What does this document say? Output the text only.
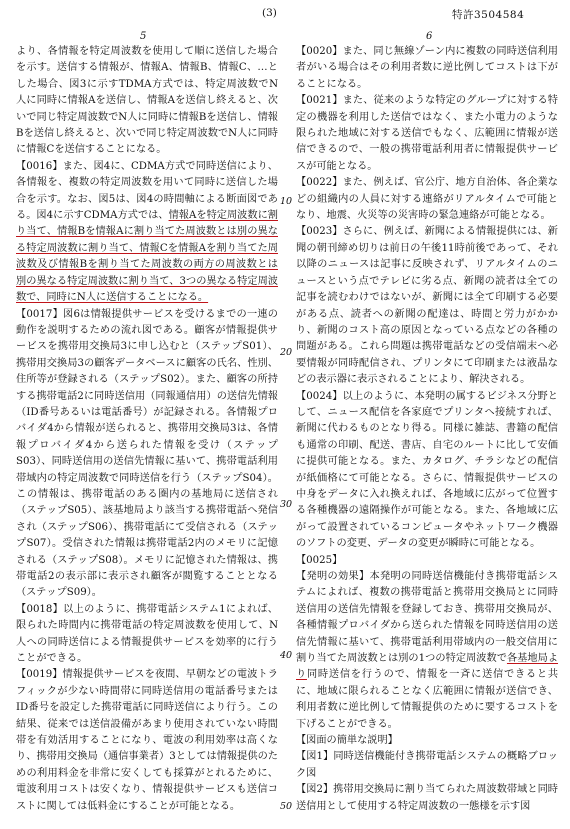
(3)	特許3504584
5	6

より、各情報を特定周波数を使用して順に送信した場合を示す。送信する情報が、情報A、情報B、情報C、…とした場合、図3に示すTDMA方式では、特定周波数でN人に同時に情報Aを送信し、情報Aを送信し終えると、次いで同じ特定周波数でN人に同時に情報Bを送信し、情報Bを送信し終えると、次いで同じ特定周波数でN人に同時に情報Cを送信することになる。

【0016】また、図4に、CDMA方式で同時送信により、各情報を、複数の特定周波数を用いて同時に送信した場合を示す。なお、図5は、図4の時間軸による断面図である。図4に示すCDMA方式では、情報Aを特定周波数に割り当て、情報Bを情報Aに割り当てた周波数とは別の異なる特定周波数に割り当て、情報Cを情報Aを割り当てた周波数及び情報Bを割り当てた周波数の両方の周波数とは別の異なる特定周波数に割り当て、3つの異なる特定周波数で、同時にN人に送信することになる。

【0017】図6は情報提供サービスを受けるまでの一連の動作を説明するための流れ図である。顧客が情報提供サービスを携帯用交換局3に申し込むと（ステップS01）、携帯用交換局3の顧客データベースに顧客の氏名、性別、住所等が登録される（ステップS02）。また、顧客の所持する携帯電話2に同時送信用（同報通信用）の送信先情報（ID番号あるいは電話番号）が記録される。各情報プロバイダ4から情報が送られると、携帯用交換局3は、各情報プロバイダ4から送られた情報を受け（ステップS03）、同時送信用の送信先情報に基いて、携帯電話利用帯域内の特定周波数で同時送信を行う（ステップS04）。この情報は、携帯電話のある圏内の基地局に送信され（ステップS05）、該基地局より該当する携帯電話へ発信され（ステップS06）、携帯電話にて受信される（ステップS07）。受信された情報は携帯電話2内のメモリに記憶される（ステップS08）。メモリに記憶された情報は、携帯電話2の表示部に表示され顧客が閲覧することとなる（ステップS09）。

【0018】以上のように、携帯電話システム1によれば、限られた時間内に携帯電話の特定周波数を使用して、N人への同時送信による情報提供サービスを効率的に行うことができる。

【0019】情報提供サービスを夜間、早朝などの電波トラフィックが少ない時間帯に同時送信用の電話番号またはID番号を設定した携帯電話に同時送信により行う。この結果、従来では送信設備があまり使用されていない時間帯を有効活用することになり、電波の利用効率は高くなり、携帯用交換局（通信事業者）3としては情報提供のための利用料金を非常に安くしても採算がとれるために、電波利用コストは安くなり、情報提供サービスも送信コストに関しては低料金にすることが可能となる。

10
20
30
40
50

【0020】また、同じ無線ゾーン内に複数の同時送信利用者がいる場合はその利用者数に逆比例してコストは下がることになる。

【0021】また、従来のような特定のグループに対する特定の機器を利用した送信ではなく、また小電力のような限られた地域に対する送信でもなく、広範囲に情報が送信できるので、一般の携帯電話利用者に情報提供サービスが可能となる。

【0022】また、例えば、官公庁、地方自治体、各企業などの組織内の人員に対する連絡がリアルタイムで可能となり、地震、火災等の災害時の緊急連絡が可能となる。

【0023】さらに、例えば、新聞による情報提供には、新聞の朝刊締め切りは前日の午後11時前後であって、それ以降のニュースは記事に反映されず、リアルタイムのニュースという点でテレビに劣る点、新聞の読者は全ての記事を読むわけではないが、新聞には全て印刷する必要がある点、読者への新聞の配達は、時間と労力がかかり、新聞のコスト高の原因となっている点などの各種の問題がある。これら問題は携帯電話などの受信端末へ必要情報が同時配信され、プリンタにて印刷または液晶などの表示器に表示されることにより、解決される。

【0024】以上のように、本発明の属するビジネス分野として、ニュース配信を各家庭でプリンタへ接続すれば、新聞に代わるものとなり得る。同様に雑誌、書籍の配信も通常の印刷、配送、書店、自宅のルートに比して安価に提供可能となる。また、カタログ、チラシなどの配信が紙価格にて可能となる。さらに、情報提供サービスの中身をデータに入れ換えれば、各地域に広がって位置する各種機器の遠隔操作が可能となる。また、各地域に広がって設置されているコンピュータやネットワーク機器のソフトの変更、データの変更が瞬時に可能となる。

【0025】

【発明の効果】本発明の同時送信機能付き携帯電話システムによれば、複数の携帯電話と携帯用交換局とに同時送信用の送信先情報を登録しておき、携帯用交換局が、各種情報プロバイダから送られた情報を同時送信用の送信先情報に基いて、携帯電話利用帯域内の一般交信用に割り当てた周波数とは別の1つの特定周波数で各基地局より同時送信を行うので、情報を一斉に送信できると共に、地域に限られることなく広範囲に情報が送信でき、利用者数に逆比例して情報提供のために要するコストを下げることができる。

【図面の簡単な説明】

【図1】同時送信機能付き携帯電話システムの概略ブロック図

【図2】携帯用交換局に割り当てられた周波数帯域と同時送信用として使用する特定周波数の一態様を示す図
